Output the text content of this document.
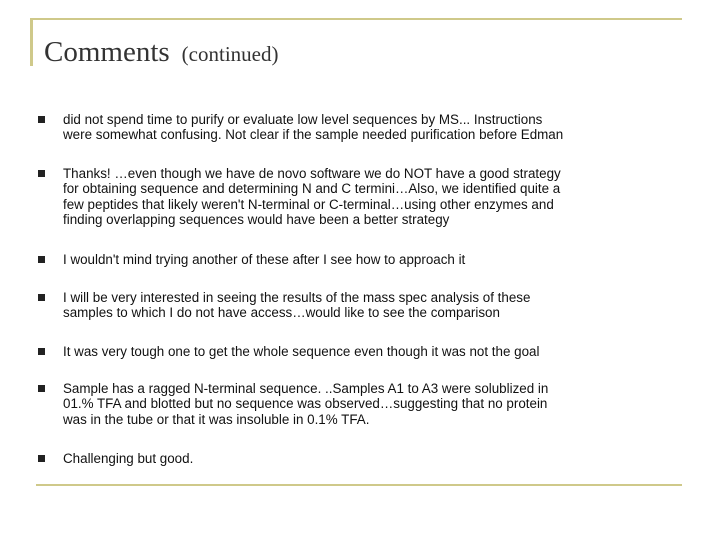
Comments (continued)
did not spend time to purify or evaluate low level sequences by MS... Instructions
were somewhat confusing. Not clear if the sample needed purification before Edman
Thanks! …even though we have de novo software we do NOT have a good strategy
for obtaining sequence and determining N and C termini…Also, we identified quite a
few peptides that likely weren't N-terminal or C-terminal…using other enzymes and
finding overlapping sequences would have been a better strategy
I wouldn't mind trying another of these after I see how to approach it
I will be very interested in seeing the results of the mass spec analysis of these
samples to which I do not have access…would like to see the comparison
It was very tough one to get the whole sequence even though it was not the goal
Sample has a ragged N-terminal sequence. ..Samples A1 to A3 were solublized in
01.% TFA and blotted but no sequence was observed…suggesting that no protein
was in the tube or that it was insoluble in 0.1% TFA.
Challenging but good.
